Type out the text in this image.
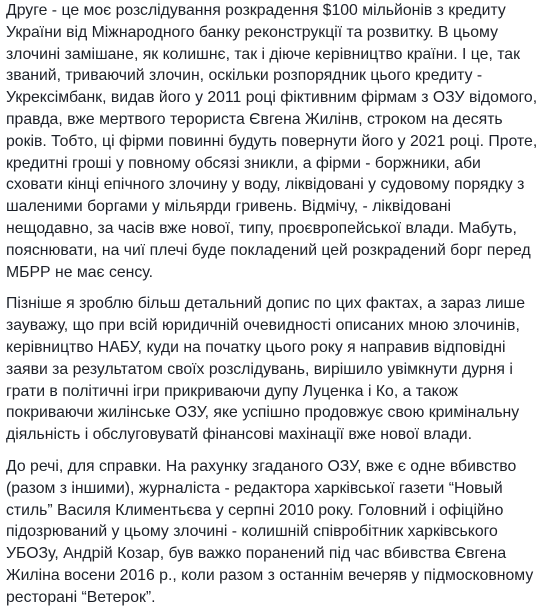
Друге - це моє розслідування розкрадення $100 мільйонів з кредиту України від Міжнародного банку реконструкції та розвитку. В цьому злочині замішане, як колишнє, так і діюче керівництво країни. І це, так званий, триваючий злочин, оскільки розпорядник цього кредиту - Укрексімбанк, видав його у 2011 році фіктивним фірмам з ОЗУ відомого, правда, вже мертвого терориста Євгена Жилінв, строком на десять років. Тобто, ці фірми повинні будуть повернути його у 2021 році. Проте, кредитні гроші у повному обсязі зникли, а фірми - боржники, аби сховати кінці епічного злочину у воду, ліквідовані у судовому порядку з шаленими боргами у мільярди гривень. Відмічу, - ліквідовані нещодавно, за часів вже нової, типу, проєвропейської влади. Мабуть, пояснювати, на чиї плечі буде покладений цей розкрадений борг перед МБРР не має сенсу.

Пізніше я зроблю більш детальний допис по цих фактах, а зараз лише зауважу, що при всій юридичній очевидності описаних мною злочинів, керівництво НАБУ, куди на початку цього року я направив відповідні заяви за результатом своїх розслідувань, вирішило увімкнути дурня і грати в політичні ігри прикриваючи дупу Луценка і Ко, а також покриваючи жилінське ОЗУ, яке успішно продовжує свою кримінальну діяльність і обслуговуватй фінансові махінації вже нової влади.

До речі, для справки. На рахунку згаданого ОЗУ, вже є одне вбивство (разом з іншими), журналіста - редактора харківської газети “Новый стиль” Василя Климентьєва у серпні 2010 року. Головний і офіційно підозрюваний у цьому злочині - колишній співробітник харківського УБОЗу, Андрій Козар, був важко поранений під час вбивства Євгена Жиліна восени 2016 р., коли разом з останнім вечеряв у підмосковному ресторані “Ветерок”.
